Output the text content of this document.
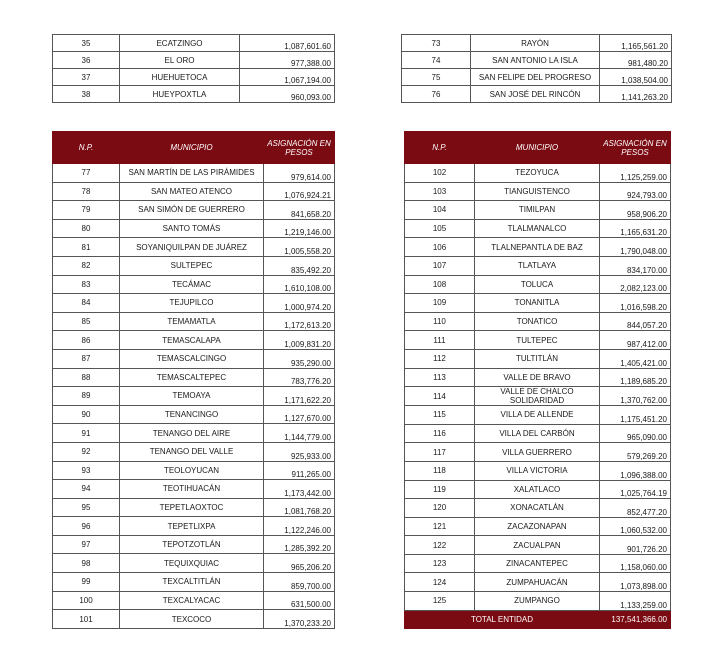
35	ECATZINGO	1,087,601.60
36	EL ORO	977,388.00
37	HUEHUETOCA	1,067,194.00
38	HUEYPOXTLA	960,093.00
73	RAYÓN	1,165,561.20
74	SAN ANTONIO LA ISLA	981,480.20
75	SAN FELIPE DEL PROGRESO	1,038,504.00
76	SAN JOSÉ DEL RINCÓN	1,141,263.20
N.P.	MUNICIPIO	ASIGNACIÓN EN PESOS
77	SAN MARTÍN DE LAS PIRÁMIDES	979,614.00
78	SAN MATEO ATENCO	1,076,924.21
79	SAN SIMÓN DE GUERRERO	841,658.20
80	SANTO TOMÁS	1,219,146.00
81	SOYANIQUILPAN DE JUÁREZ	1,005,558.20
82	SULTEPEC	835,492.20
83	TECÁMAC	1,610,108.00
84	TEJUPILCO	1,000,974.20
85	TEMAMATLA	1,172,613.20
86	TEMASCALAPA	1,009,831.20
87	TEMASCALCINGO	935,290.00
88	TEMASCALTEPEC	783,776.20
89	TEMOAYA	1,171,622.20
90	TENANCINGO	1,127,670.00
91	TENANGO DEL AIRE	1,144,779.00
92	TENANGO DEL VALLE	925,933.00
93	TEOLOYUCAN	911,265.00
94	TEOTIHUACÁN	1,173,442.00
95	TEPETLAOXTOC	1,081,768.20
96	TEPETLIXPA	1,122,246.00
97	TEPOTZOTLÁN	1,285,392.20
98	TEQUIXQUIAC	965,206.20
99	TEXCALTITLÁN	859,700.00
100	TEXCALYACAC	631,500.00
101	TEXCOCO	1,370,233.20
N.P.	MUNICIPIO	ASIGNACIÓN EN PESOS
102	TEZOYUCA	1,125,259.00
103	TIANGUISTENCO	924,793.00
104	TIMILPAN	958,906.20
105	TLALMANALCO	1,165,631.20
106	TLALNEPANTLA DE BAZ	1,790,048.00
107	TLATLAYA	834,170.00
108	TOLUCA	2,082,123.00
109	TONANITLA	1,016,598.20
110	TONATICO	844,057.20
111	TULTEPEC	987,412.00
112	TULTITLÁN	1,405,421.00
113	VALLE DE BRAVO	1,189,685.20
114	VALLE DE CHALCO SOLIDARIDAD	1,370,762.00
115	VILLA DE ALLENDE	1,175,451.20
116	VILLA DEL CARBÓN	965,090.00
117	VILLA GUERRERO	579,269.20
118	VILLA VICTORIA	1,096,388.00
119	XALATLACO	1,025,764.19
120	XONACATLÁN	852,477.20
121	ZACAZONAPAN	1,060,532.00
122	ZACUALPAN	901,726.20
123	ZINACANTEPEC	1,158,060.00
124	ZUMPAHUACÁN	1,073,898.00
125	ZUMPANGO	1,133,259.00
TOTAL ENTIDAD		137,541,366.00
